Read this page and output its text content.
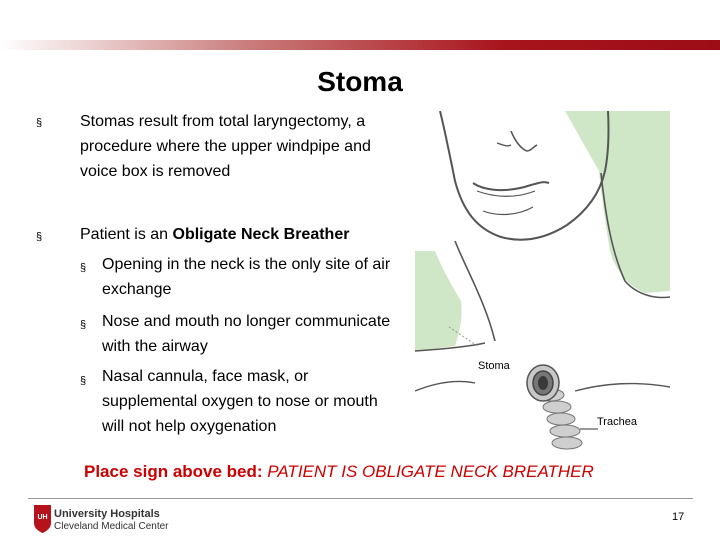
Stoma
§ Stomas result from total laryngectomy, a procedure where the upper windpipe and voice box is removed
§ Patient is an Obligate Neck Breather
§ Opening in the neck is the only site of air exchange
§ Nose and mouth no longer communicate with the airway
§ Nasal cannula, face mask, or supplemental oxygen to nose or mouth will not help oxygenation
Stoma
Trachea
Place sign above bed: PATIENT IS OBLIGATE NECK BREATHER
UH University Hospitals
Cleveland Medical Center
17
